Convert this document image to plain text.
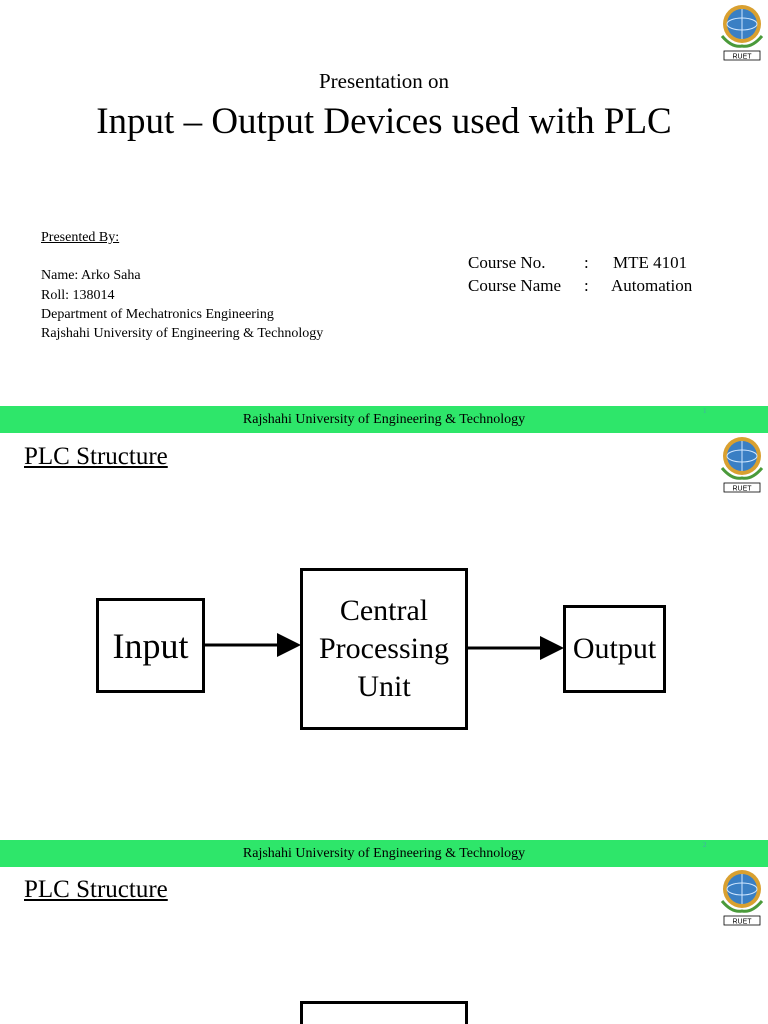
RUET
Presentation on
Input – Output Devices used with PLC
Presented By:
Name: Arko Saha
Roll: 138014
Department of Mechatronics Engineering
Rajshahi University of Engineering & Technology
Course No. : MTE 4101
Course Name : Automation
Rajshahi University of Engineering & Technology
1
PLC Structure
RUET
Input
Central
Processing
Unit
Output
Rajshahi University of Engineering & Technology
2
PLC Structure
RUET
